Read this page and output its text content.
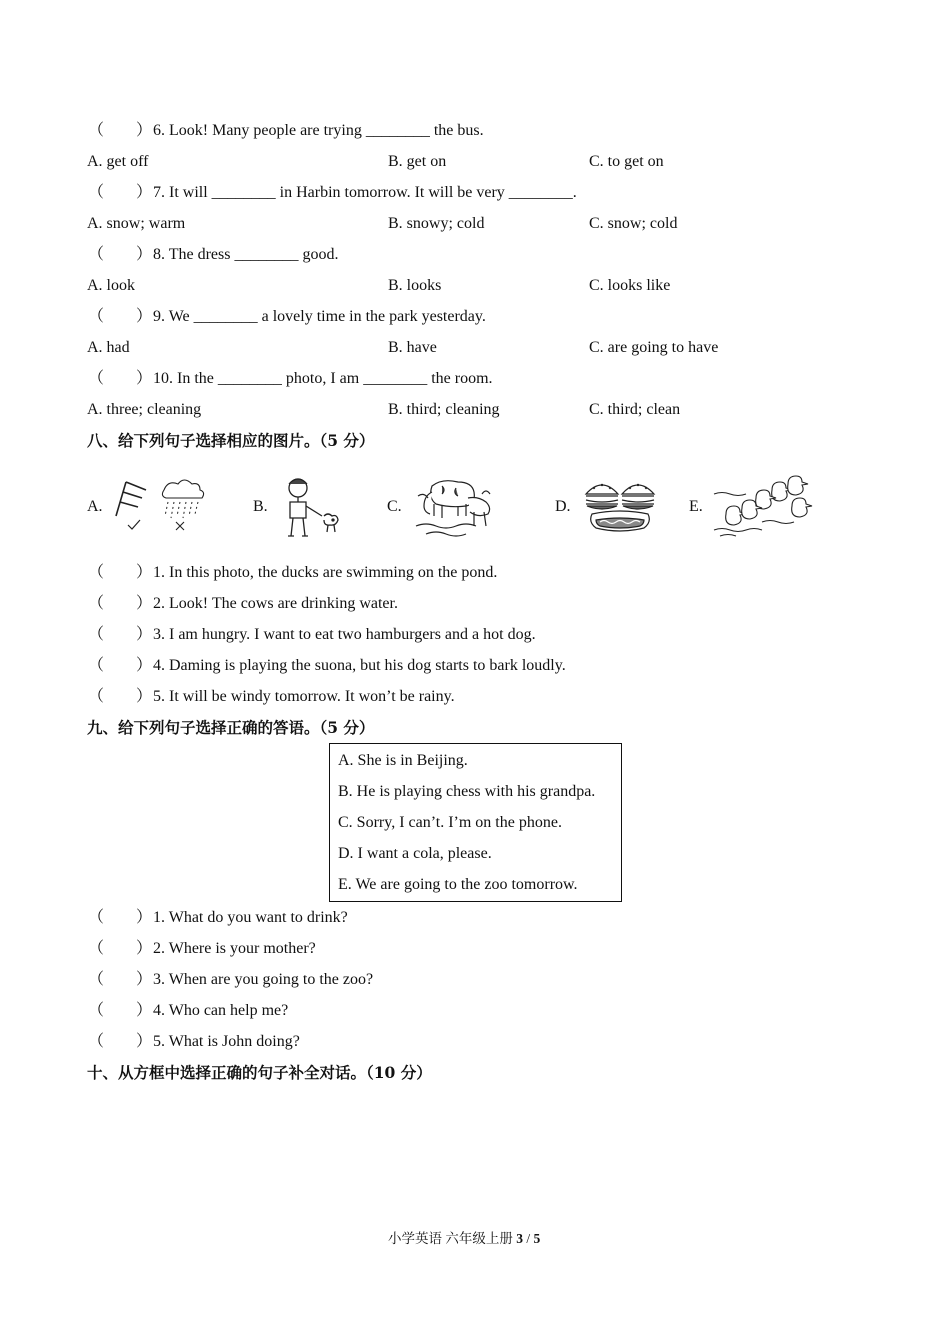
（　　） 6. Look! Many people are trying ________ the bus.
A. get off	B. get on	C. to get on
（　　） 7. It will ________ in Harbin tomorrow. It will be very ________.
A. snow; warm	B. snowy; cold	C. snow; cold
（　　） 8. The dress ________ good.
A. look	B. looks	C. looks like
（　　） 9. We ________ a lovely time in the park yesterday.
A. had	B. have	C. are going to have
（　　） 10. In the ________ photo, I am ________ the room.
A. three; cleaning	B. third; cleaning	C. third; clean
八、给下列句子选择相应的图片。（5 分）
A.	B.	C.	D.	E.
（　　） 1. In this photo, the ducks are swimming on the pond.
（　　） 2. Look! The cows are drinking water.
（　　） 3. I am hungry. I want to eat two hamburgers and a hot dog.
（　　） 4. Daming is playing the suona, but his dog starts to bark loudly.
（　　） 5. It will be windy tomorrow. It won’t be rainy.
九、给下列句子选择正确的答语。（5 分）
A. She is in Beijing.
B. He is playing chess with his grandpa.
C. Sorry, I can’t. I’m on the phone.
D. I want a cola, please.
E. We are going to the zoo tomorrow.
（　　） 1. What do you want to drink?
（　　） 2. Where is your mother?
（　　） 3. When are you going to the zoo?
（　　） 4. Who can help me?
（　　） 5. What is John doing?
十、从方框中选择正确的句子补全对话。（10 分）
小学英语 六年级上册 3 / 5
